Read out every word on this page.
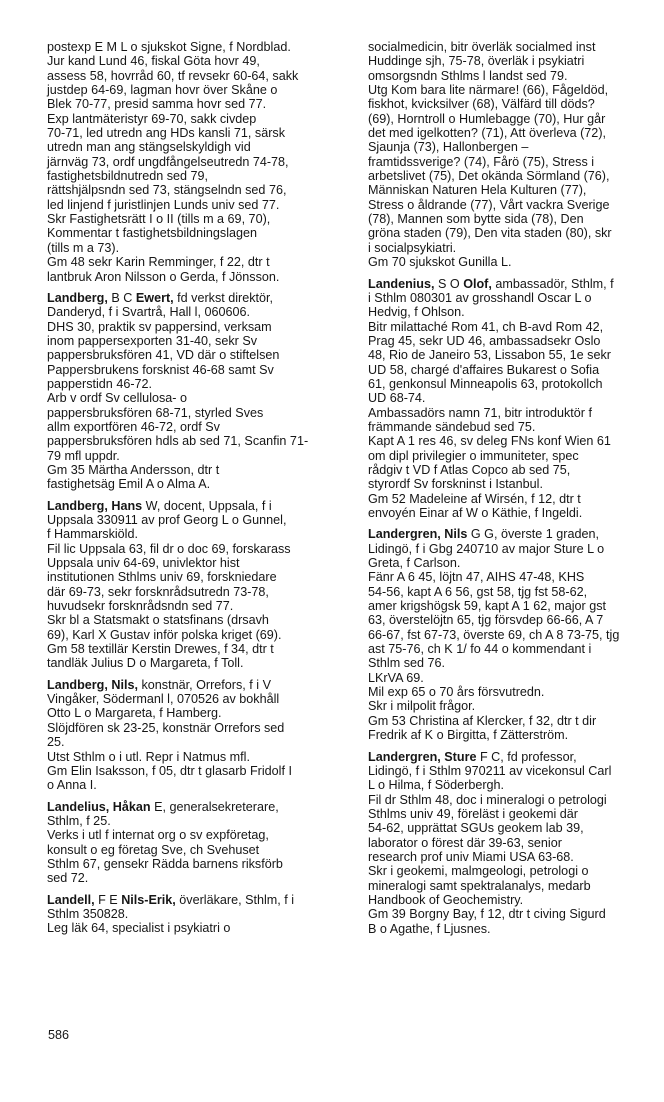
postexp E M L o sjukskot Signe, f Nordblad.
Jur kand Lund 46, fiskal Göta hovr 49,
assess 58, hovrråd 60, tf revsekr 60-64, sakk
justdep 64-69, lagman hovr över Skåne o
Blek 70-77, presid samma hovr sed 77.
Exp lantmäteristyr 69-70, sakk civdep
70-71, led utredn ang HDs kansli 71, särsk
utredn man ang stängselskyldigh vid
järnväg 73, ordf ungdfångelseutredn 74-78,
fastighetsbildnutredn sed 79,
rättshjälpsndn sed 73, stängselndn sed 76,
led linjend f juristlinjen Lunds univ sed 77.
Skr Fastighetsrätt I o II (tills m a 69, 70),
Kommentar t fastighetsbildningslagen
(tills m a 73).
Gm 48 sekr Karin Remminger, f 22, dtr t
lantbruk Aron Nilsson o Gerda, f Jönsson.

Landberg, B C Ewert, fd verkst direktör,
Danderyd, f i Svartrå, Hall l, 060606.
DHS 30, praktik sv pappersind, verksam
inom pappersexporten 31-40, sekr Sv
pappersbruksfören 41, VD där o stiftelsen
Pappersbrukens forsknist 46-68 samt Sv
papperstidn 46-72.
Arb v ordf Sv cellulosa- o
pappersbruksfören 68-71, styrled Sves
allm exportfören 46-72, ordf Sv
pappersbruksfören hdls ab sed 71, Scanfin 71-
79 mfl uppdr.
Gm 35 Märtha Andersson, dtr t
fastighetsäg Emil A o Alma A.

Landberg, Hans W, docent, Uppsala, f i
Uppsala 330911 av prof Georg L o Gunnel,
f Hammarskiöld.
Fil lic Uppsala 63, fil dr o doc 69, forskarass
Uppsala univ 64-69, univlektor hist
institutionen Sthlms univ 69, forskniedare
där 69-73, sekr forsknrådsutredn 73-78,
huvudsekr forsknrådsndn sed 77.
Skr bl a Statsmakt o statsfinans (drsavh
69), Karl X Gustav inför polska kriget (69).
Gm 58 textillär Kerstin Drewes, f 34, dtr t
tandläk Julius D o Margareta, f Toll.

Landberg, Nils, konstnär, Orrefors, f i V
Vingåker, Södermanl l, 070526 av bokhåll
Otto L o Margareta, f Hamberg.
Slöjdfören sk 23-25, konstnär Orrefors sed
25.
Utst Sthlm o i utl. Repr i Natmus mfl.
Gm Elin Isaksson, f 05, dtr t glasarb Fridolf I
o Anna I.

Landelius, Håkan E, generalsekreterare,
Sthlm, f 25.
Verks i utl f internat org o sv expföretag,
konsult o eg företag Sve, ch Svehuset
Sthlm 67, gensekr Rädda barnens riksförb
sed 72.

Landell, F E Nils-Erik, överläkare, Sthlm, f i
Sthlm 350828.
Leg läk 64, specialist i psykiatri o

socialmedicin, bitr överläk socialmed inst
Huddinge sjh, 75-78, överläk i psykiatri
omsorgsndn Sthlms l landst sed 79.
Utg Kom bara lite närmare! (66), Fågeldöd,
fiskhot, kvicksilver (68), Välfärd till döds?
(69), Horntroll o Humlebagge (70), Hur går
det med igelkotten? (71), Att överleva (72),
Sjaunja (73), Hallonbergen –
framtidssverige? (74), Fårö (75), Stress i
arbetslivet (75), Det okända Sörmland (76),
Människan Naturen Hela Kulturen (77),
Stress o åldrande (77), Vårt vackra Sverige
(78), Mannen som bytte sida (78), Den
gröna staden (79), Den vita staden (80), skr
i socialpsykiatri.
Gm 70 sjukskot Gunilla L.

Landenius, S O Olof, ambassadör, Sthlm, f
i Sthlm 080301 av grosshandl Oscar L o
Hedvig, f Ohlson.
Bitr milattaché Rom 41, ch B-avd Rom 42,
Prag 45, sekr UD 46, ambassadsekr Oslo
48, Rio de Janeiro 53, Lissabon 55, 1e sekr
UD 58, chargé d'affaires Bukarest o Sofia
61, genkonsul Minneapolis 63, protokollch
UD 68-74.
Ambassadörs namn 71, bitr introduktör f
främmande sändebud sed 75.
Kapt A 1 res 46, sv deleg FNs konf Wien 61
om dipl privilegier o immuniteter, spec
rådgiv t VD f Atlas Copco ab sed 75,
styrordf Sv forskninst i Istanbul.
Gm 52 Madeleine af Wirsén, f 12, dtr t
envoyén Einar af W o Käthie, f Ingeldi.

Landergren, Nils G G, överste 1 graden,
Lidingö, f i Gbg 240710 av major Sture L o
Greta, f Carlson.
Fänr A 6 45, löjtn 47, AIHS 47-48, KHS
54-56, kapt A 6 56, gst 58, tjg fst 58-62,
amer krigshögsk 59, kapt A 1 62, major gst
63, överstelöjtn 65, tjg försvdep 66-66, A 7
66-67, fst 67-73, överste 69, ch A 8 73-75, tjg
ast 75-76, ch K 1/ fo 44 o kommendant i
Sthlm sed 76.
LKrVA 69.
Mil exp 65 o 70 års försvutredn.
Skr i milpolit frågor.
Gm 53 Christina af Klercker, f 32, dtr t dir
Fredrik af K o Birgitta, f Zätterström.

Landergren, Sture F C, fd professor,
Lidingö, f i Sthlm 970211 av vicekonsul Carl
L o Hilma, f Söderbergh.
Fil dr Sthlm 48, doc i mineralogi o petrologi
Sthlms univ 49, föreläst i geokemi där
54-62, upprättat SGUs geokem lab 39,
laborator o förest där 39-63, senior
research prof univ Miami USA 63-68.
Skr i geokemi, malmgeologi, petrologi o
mineralogi samt spektralanalys, medarb
Handbook of Geochemistry.
Gm 39 Borgny Bay, f 12, dtr t civing Sigurd
B o Agathe, f Ljusnes.

586
